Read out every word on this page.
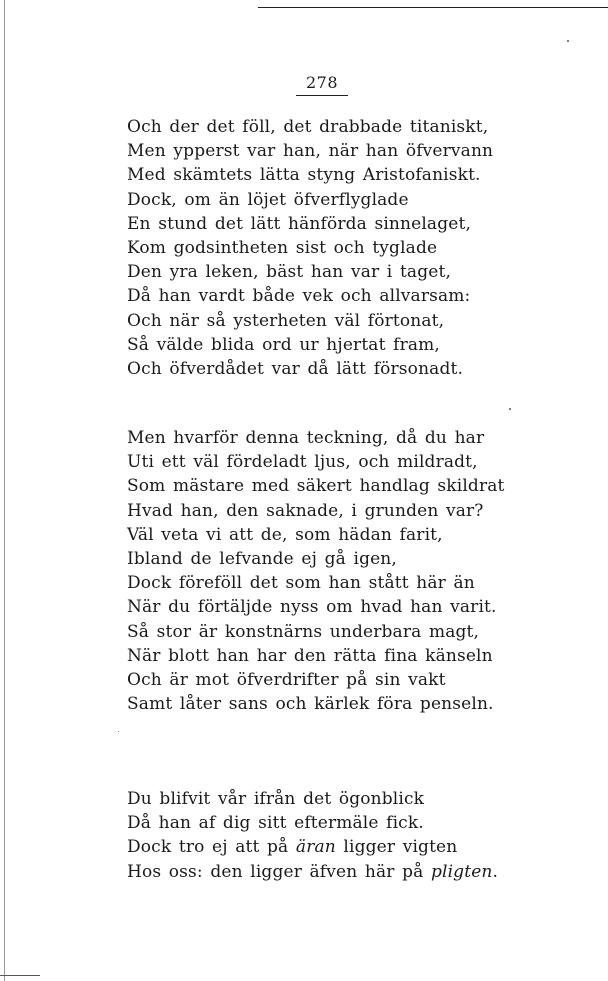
278
Och der det föll, det drabbade titaniskt,
Men ypperst var han, när han öfvervann
Med skämtets lätta styng Aristofaniskt.
Dock, om än löjet öfverflyglade
En stund det lätt hänförda sinnelaget,
Kom godsintheten sist och tyglade
Den yra leken, bäst han var i taget,
Då han vardt både vek och allvarsam:
Och när så ysterheten väl förtonat,
Så välde blida ord ur hjertat fram,
Och öfverdådet var då lätt försonadt.
Men hvarför denna teckning, då du har
Uti ett väl fördeladt ljus, och mildradt,
Som mästare med säkert handlag skildrat
Hvad han, den saknade, i grunden var?
Väl veta vi att de, som hädan farit,
Ibland de lefvande ej gå igen,
Dock föreföll det som han stått här än
När du förtäljde nyss om hvad han varit.
Så stor är konstnärns underbara magt,
När blott han har den rätta fina känseln
Och är mot öfverdrifter på sin vakt
Samt låter sans och kärlek föra penseln.
Du blifvit vår ifrån det ögonblick
Då han af dig sitt eftermäle fick.
Dock tro ej att på äran ligger vigten
Hos oss: den ligger äfven här på pligten.
